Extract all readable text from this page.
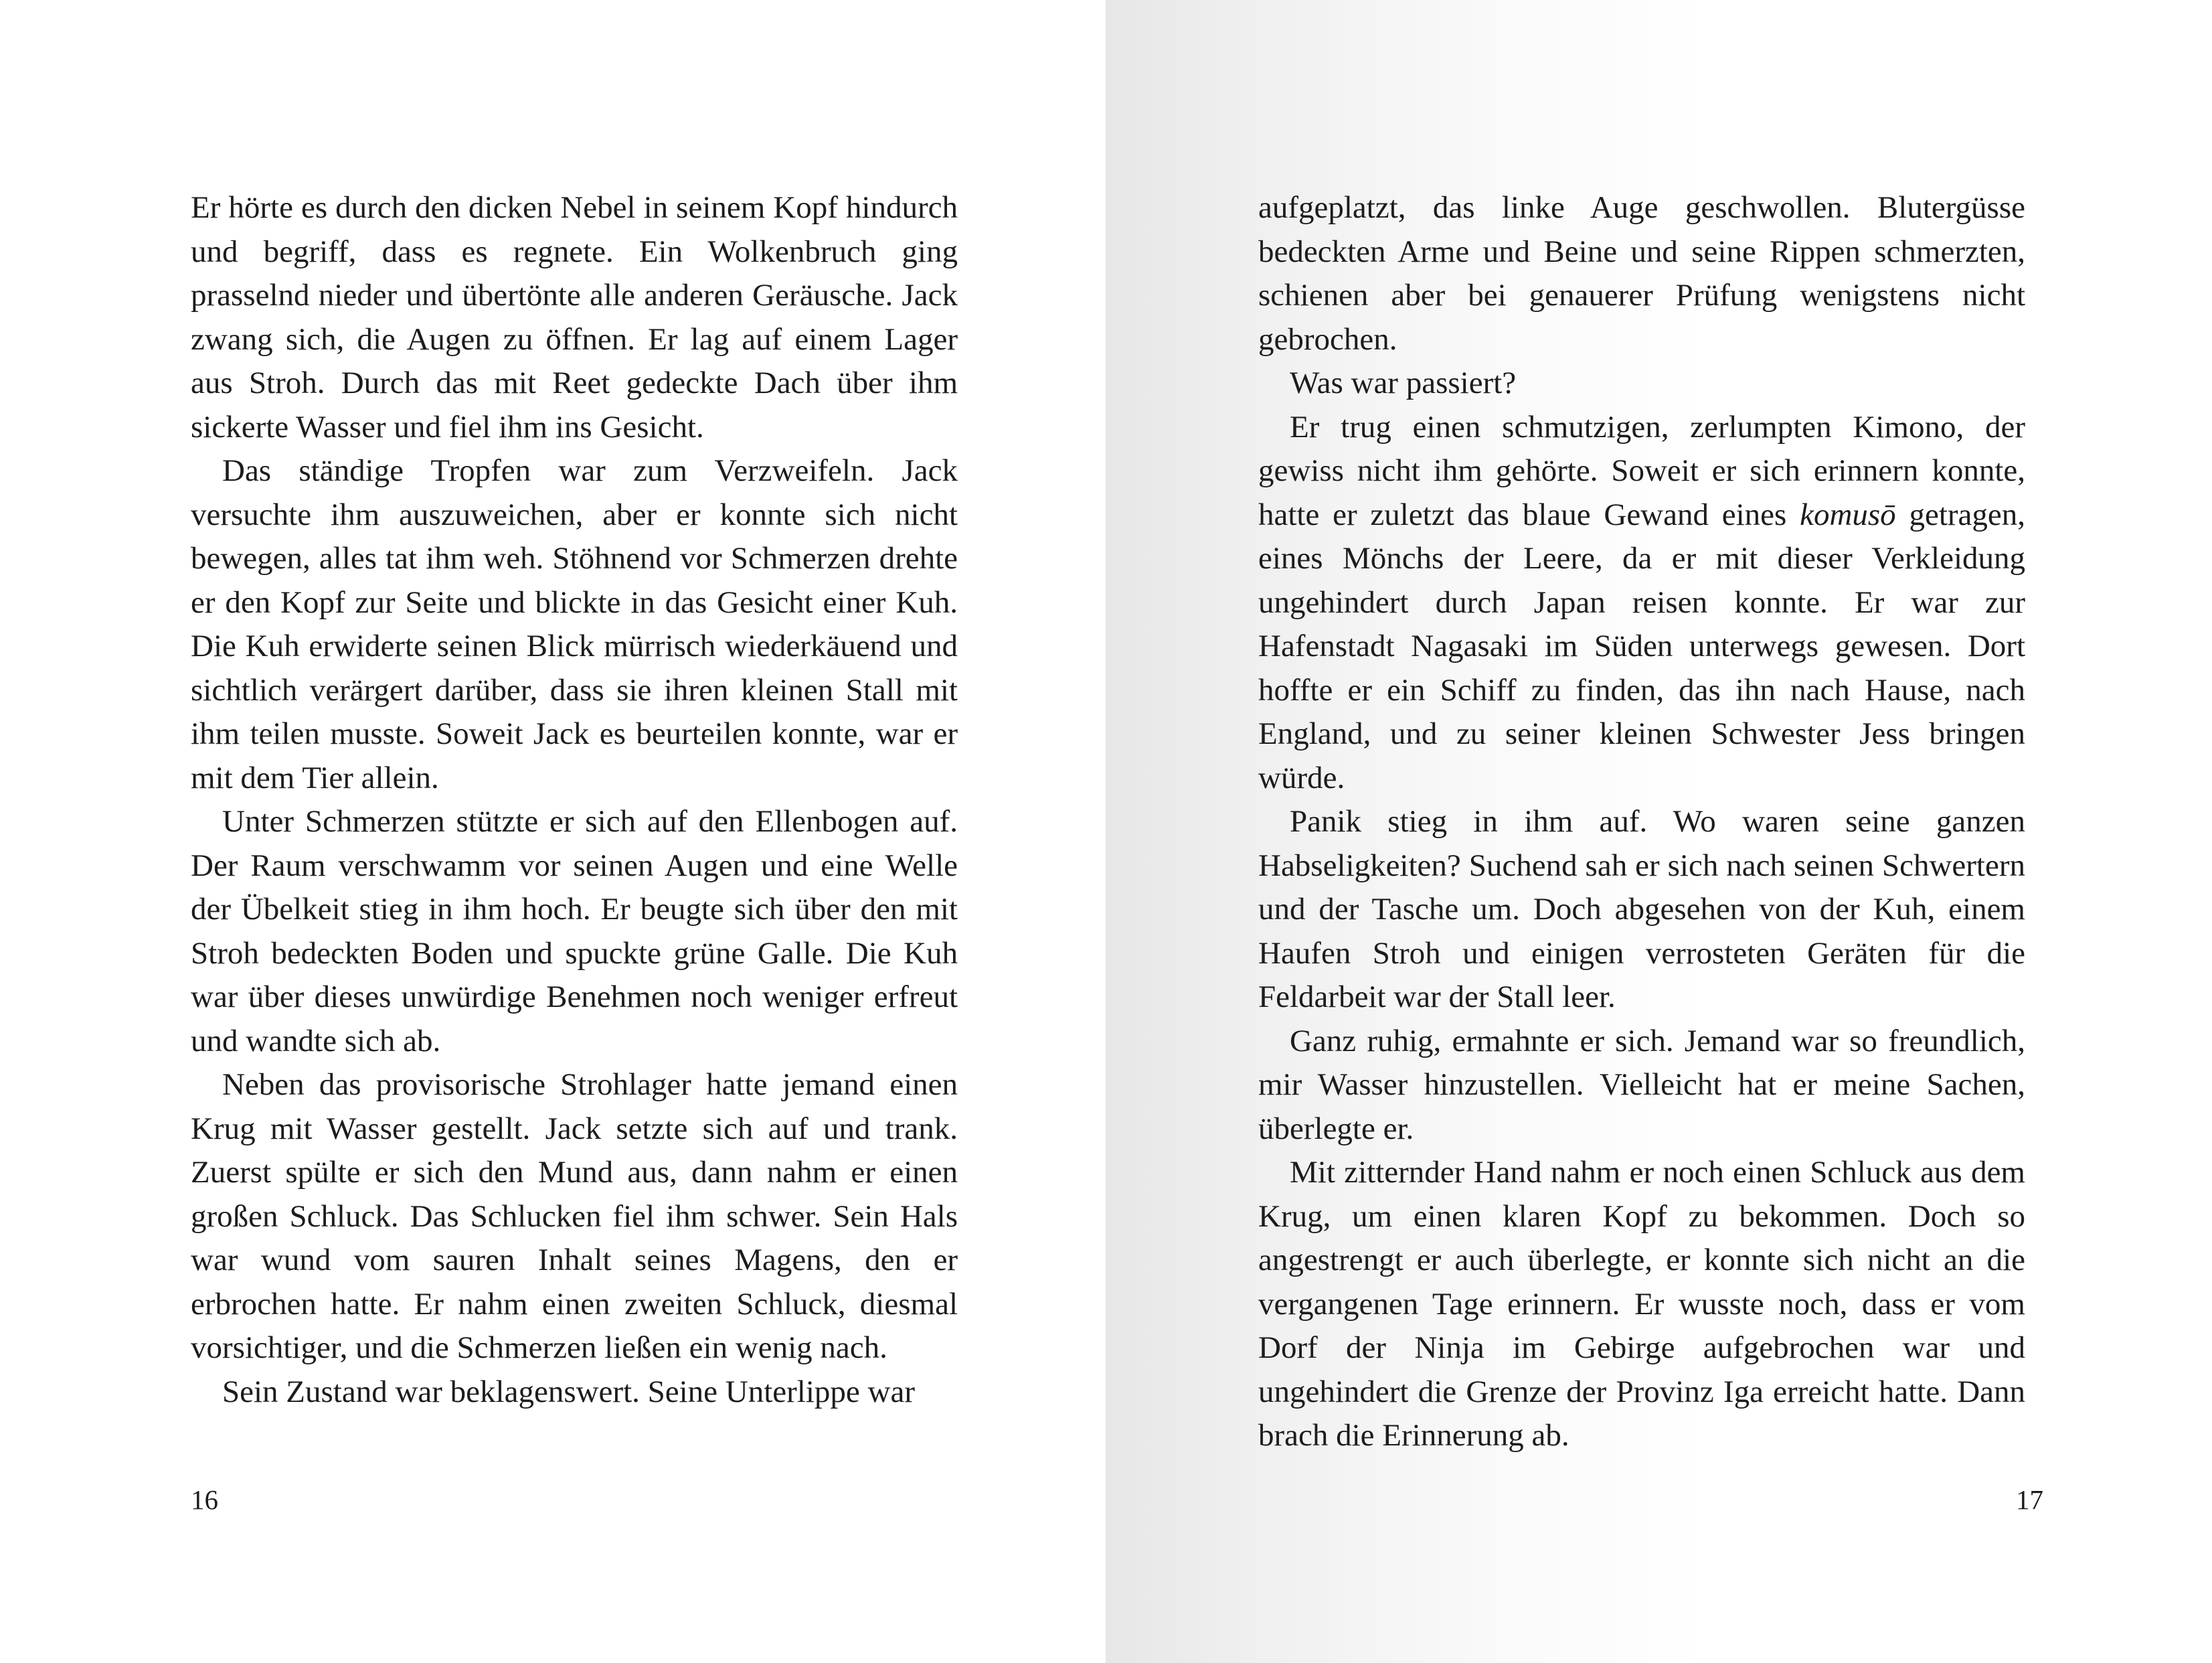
Er hörte es durch den dicken Nebel in seinem Kopf hindurch und begriff, dass es regnete. Ein Wolkenbruch ging prasselnd nieder und übertönte alle anderen Geräusche. Jack zwang sich, die Augen zu öffnen. Er lag auf einem Lager aus Stroh. Durch das mit Reet gedeckte Dach über ihm sickerte Wasser und fiel ihm ins Gesicht.

Das ständige Tropfen war zum Verzweifeln. Jack versuchte ihm auszuweichen, aber er konnte sich nicht bewegen, alles tat ihm weh. Stöhnend vor Schmerzen drehte er den Kopf zur Seite und blickte in das Gesicht einer Kuh. Die Kuh erwiderte seinen Blick mürrisch wiederkäuend und sichtlich verärgert darüber, dass sie ihren kleinen Stall mit ihm teilen musste. Soweit Jack es beurteilen konnte, war er mit dem Tier allein.

Unter Schmerzen stützte er sich auf den Ellenbogen auf. Der Raum verschwamm vor seinen Augen und eine Welle der Übelkeit stieg in ihm hoch. Er beugte sich über den mit Stroh bedeckten Boden und spuckte grüne Galle. Die Kuh war über dieses unwürdige Benehmen noch weniger erfreut und wandte sich ab.

Neben das provisorische Strohlager hatte jemand einen Krug mit Wasser gestellt. Jack setzte sich auf und trank. Zuerst spülte er sich den Mund aus, dann nahm er einen großen Schluck. Das Schlucken fiel ihm schwer. Sein Hals war wund vom sauren Inhalt seines Magens, den er erbrochen hatte. Er nahm einen zweiten Schluck, diesmal vorsichtiger, und die Schmerzen ließen ein wenig nach.

Sein Zustand war beklagenswert. Seine Unterlippe war

16

aufgeplatzt, das linke Auge geschwollen. Blutergüsse bedeckten Arme und Beine und seine Rippen schmerzten, schienen aber bei genauerer Prüfung wenigstens nicht gebrochen.

Was war passiert?

Er trug einen schmutzigen, zerlumpten Kimono, der gewiss nicht ihm gehörte. Soweit er sich erinnern konnte, hatte er zuletzt das blaue Gewand eines komusō getragen, eines Mönchs der Leere, da er mit dieser Verkleidung ungehindert durch Japan reisen konnte. Er war zur Hafenstadt Nagasaki im Süden unterwegs gewesen. Dort hoffte er ein Schiff zu finden, das ihn nach Hause, nach England, und zu seiner kleinen Schwester Jess bringen würde.

Panik stieg in ihm auf. Wo waren seine ganzen Habseligkeiten? Suchend sah er sich nach seinen Schwertern und der Tasche um. Doch abgesehen von der Kuh, einem Haufen Stroh und einigen verrosteten Geräten für die Feldarbeit war der Stall leer.

Ganz ruhig, ermahnte er sich. Jemand war so freundlich, mir Wasser hinzustellen. Vielleicht hat er meine Sachen, überlegte er.

Mit zitternder Hand nahm er noch einen Schluck aus dem Krug, um einen klaren Kopf zu bekommen. Doch so angestrengt er auch überlegte, er konnte sich nicht an die vergangenen Tage erinnern. Er wusste noch, dass er vom Dorf der Ninja im Gebirge aufgebrochen war und ungehindert die Grenze der Provinz Iga erreicht hatte. Dann brach die Erinnerung ab.

17
